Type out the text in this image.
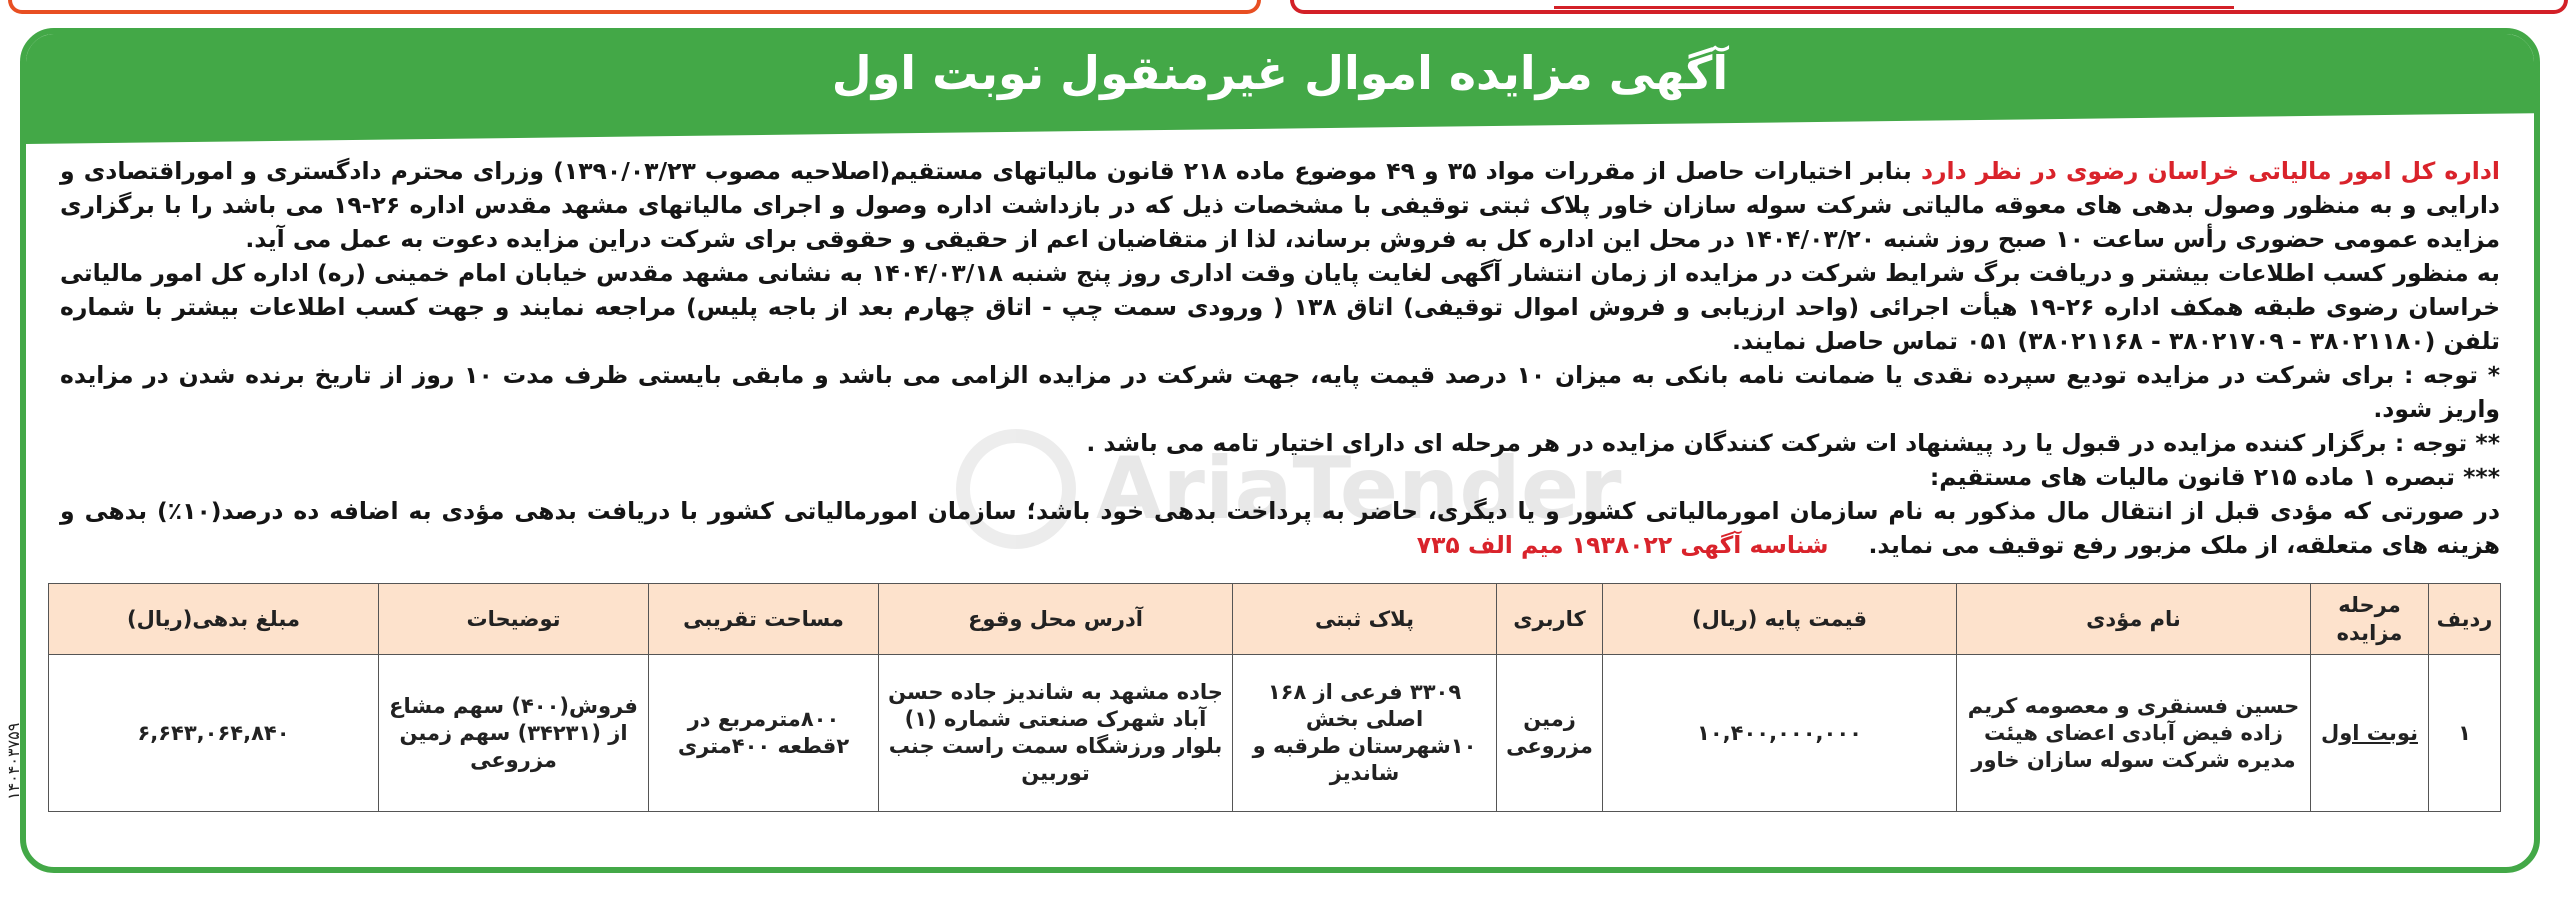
آگهی مزایده اموال غیرمنقول نوبت اول
AriaTender

اداره کل امور مالیاتی خراسان رضوی در نظر دارد بنابر اختیارات حاصل از مقررات مواد ۳۵ و ۴۹ موضوع ماده ۲۱۸ قانون مالیاتهای مستقیم(اصلاحیه مصوب ۱۳۹۰/۰۳/۲۳) وزرای محترم دادگستری و اموراقتصادی و دارایی و به منظور وصول بدهی های معوقه مالیاتی شرکت سوله سازان خاور پلاک ثبتی توقیفی با مشخصات ذیل که در بازداشت اداره وصول و اجرای مالیاتهای مشهد مقدس اداره ۲۶-۱۹ می باشد را با برگزاری مزایده عمومی حضوری رأس ساعت ۱۰ صبح روز شنبه ۱۴۰۴/۰۳/۲۰ در محل این اداره کل به فروش برساند، لذا از متقاضیان اعم از حقیقی و حقوقی برای شرکت دراین مزایده دعوت به عمل می آید.

به منظور کسب اطلاعات بیشتر و دریافت برگ شرایط شرکت در مزایده از زمان انتشار آگهی لغایت پایان وقت اداری روز پنج شنبه ۱۴۰۴/۰۳/۱۸ به نشانی مشهد مقدس خیابان امام خمینی (ره) اداره کل امور مالیاتی خراسان رضوی طبقه همکف اداره ۲۶-۱۹ هیأت اجرائی (واحد ارزیابی و فروش اموال توقیفی) اتاق ۱۳۸ ( ورودی سمت چپ - اتاق چهارم بعد از باجه پلیس) مراجعه نمایند و جهت کسب اطلاعات بیشتر با شماره تلفن (۳۸۰۲۱۱۸۰ - ۳۸۰۲۱۷۰۹ - ۳۸۰۲۱۱۶۸) ۰۵۱ تماس حاصل نمایند.

* توجه : برای شرکت در مزایده تودیع سپرده نقدی یا ضمانت نامه بانکی به میزان ۱۰ درصد قیمت پایه، جهت شرکت در مزایده الزامی می باشد و مابقی بایستی ظرف مدت ۱۰ روز از تاریخ برنده شدن در مزایده واریز شود.

** توجه : برگزار کننده مزایده در قبول یا رد پیشنهاد ات شرکت کنندگان مزایده در هر مرحله ای دارای اختیار تامه می باشد .

*** تبصره ۱ ماده ۲۱۵ قانون مالیات های مستقیم:

در صورتی که مؤدی قبل از انتقال مال مذکور به نام سازمان امورمالیاتی کشور و یا دیگری، حاضر به پرداخت بدهی خود باشد؛ سازمان امورمالیاتی کشور با دریافت بدهی مؤدی به اضافه ده درصد(۱۰٪) بدهی و هزینه های متعلقه، از ملک مزبور رفع توقیف می نماید.شناسه آگهی ۱۹۳۸۰۲۲ میم الف ۷۳۵

ردیف	مرحله مزایده	نام مؤدی	قیمت پایه (ریال)	کاربری	پلاک ثبتی	آدرس محل وقوع	مساحت تقریبی	توضیحات	مبلغ بدهی(ریال)
۱	نوبت اول	حسین فسنقری و معصومه کریم زاده فیض آبادی اعضای هیئت مدیره شرکت سوله سازان خاور	۱۰,۴۰۰,۰۰۰,۰۰۰	زمین مزروعی	۳۳۰۹ فرعی از ۱۶۸ اصلی بخش ۱۰شهرستان طرقبه و شاندیز	جاده مشهد به شاندیز جاده حسن آباد شهرک صنعتی شماره (۱) بلوار ورزشگاه سمت راست جنب توربین	۸۰۰مترمربع در ۲قطعه ۴۰۰متری	فروش(۴۰۰) سهم مشاع از (۳۴۲۳۱) سهم زمین مزروعی	۶,۶۴۳,۰۶۴,۸۴۰
۱۴۰۴۰۳۷۵۹
